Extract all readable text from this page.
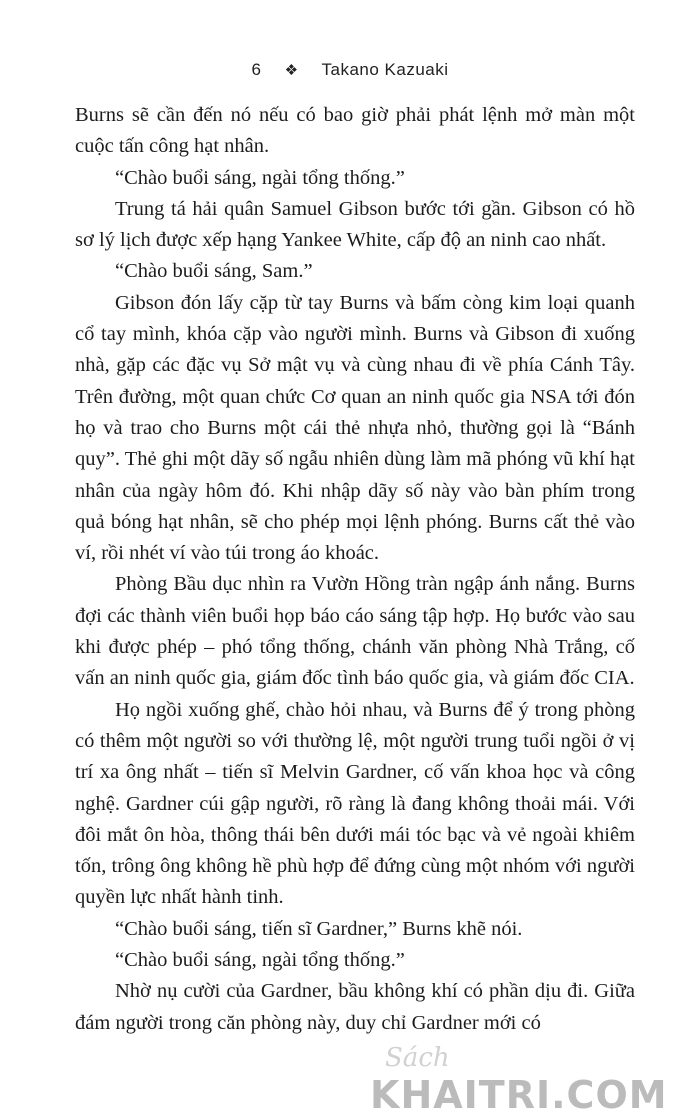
6 ❖ Takano Kazuaki

Burns sẽ cần đến nó nếu có bao giờ phải phát lệnh mở màn một cuộc tấn công hạt nhân.

“Chào buổi sáng, ngài tổng thống.”

Trung tá hải quân Samuel Gibson bước tới gần. Gibson có hồ sơ lý lịch được xếp hạng Yankee White, cấp độ an ninh cao nhất.

“Chào buổi sáng, Sam.”

Gibson đón lấy cặp từ tay Burns và bấm còng kim loại quanh cổ tay mình, khóa cặp vào người mình. Burns và Gibson đi xuống nhà, gặp các đặc vụ Sở mật vụ và cùng nhau đi về phía Cánh Tây. Trên đường, một quan chức Cơ quan an ninh quốc gia NSA tới đón họ và trao cho Burns một cái thẻ nhựa nhỏ, thường gọi là “Bánh quy”. Thẻ ghi một dãy số ngẫu nhiên dùng làm mã phóng vũ khí hạt nhân của ngày hôm đó. Khi nhập dãy số này vào bàn phím trong quả bóng hạt nhân, sẽ cho phép mọi lệnh phóng. Burns cất thẻ vào ví, rồi nhét ví vào túi trong áo khoác.

Phòng Bầu dục nhìn ra Vườn Hồng tràn ngập ánh nắng. Burns đợi các thành viên buổi họp báo cáo sáng tập hợp. Họ bước vào sau khi được phép – phó tổng thống, chánh văn phòng Nhà Trắng, cố vấn an ninh quốc gia, giám đốc tình báo quốc gia, và giám đốc CIA.

Họ ngồi xuống ghế, chào hỏi nhau, và Burns để ý trong phòng có thêm một người so với thường lệ, một người trung tuổi ngồi ở vị trí xa ông nhất – tiến sĩ Melvin Gardner, cố vấn khoa học và công nghệ. Gardner cúi gập người, rõ ràng là đang không thoải mái. Với đôi mắt ôn hòa, thông thái bên dưới mái tóc bạc và vẻ ngoài khiêm tốn, trông ông không hề phù hợp để đứng cùng một nhóm với người quyền lực nhất hành tinh.

“Chào buổi sáng, tiến sĩ Gardner,” Burns khẽ nói.

“Chào buổi sáng, ngài tổng thống.”

Nhờ nụ cười của Gardner, bầu không khí có phần dịu đi. Giữa đám người trong căn phòng này, duy chỉ Gardner mới có

Sách
KHAITRI.COM
